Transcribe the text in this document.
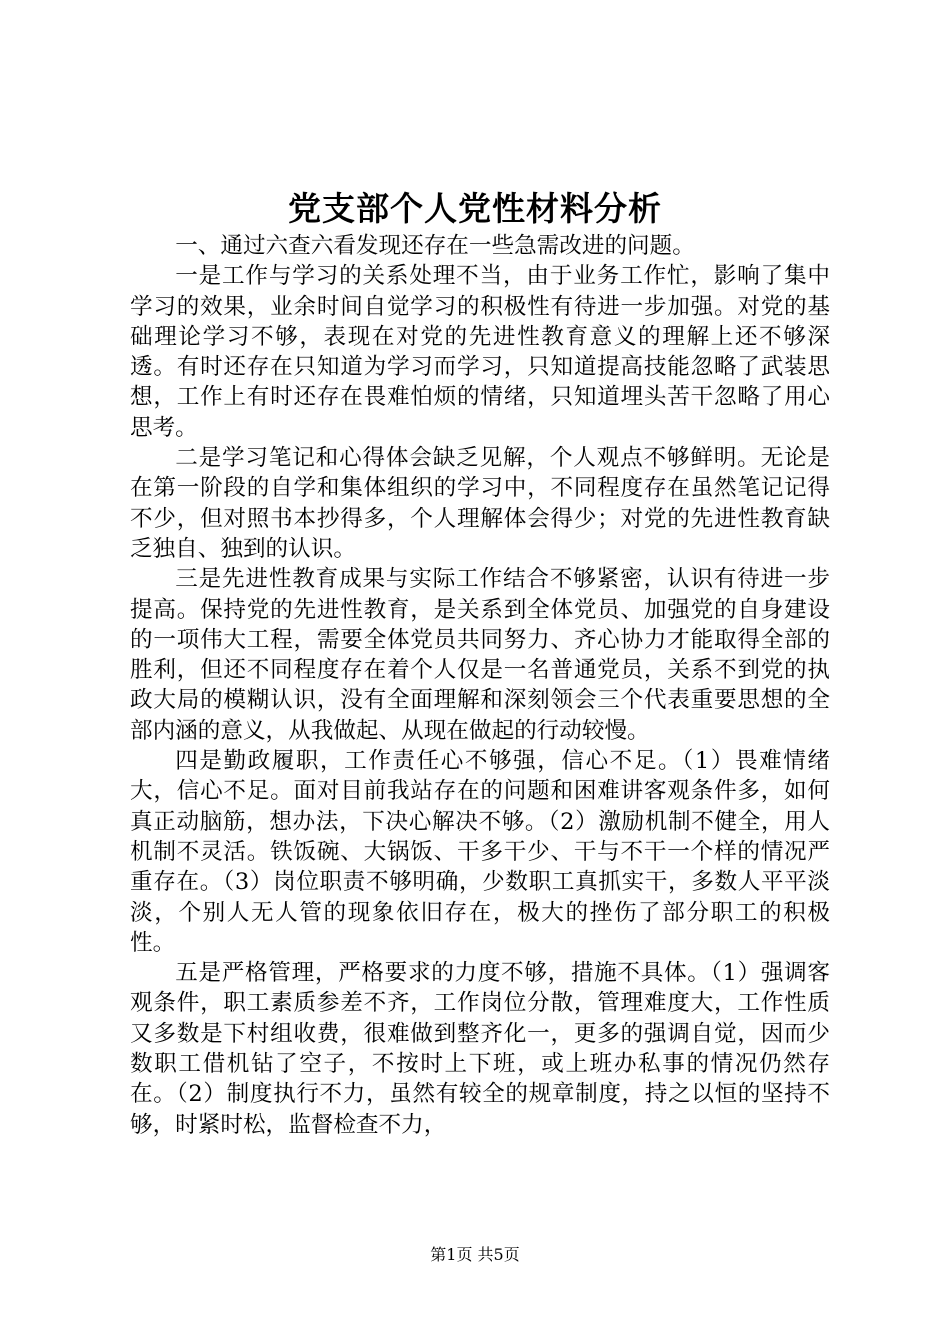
党支部个人党性材料分析

一、通过六查六看发现还存在一些急需改进的问题。

一是工作与学习的关系处理不当，由于业务工作忙，影响了集中学习的效果，业余时间自觉学习的积极性有待进一步加强。对党的基础理论学习不够，表现在对党的先进性教育意义的理解上还不够深透。有时还存在只知道为学习而学习，只知道提高技能忽略了武装思想，工作上有时还存在畏难怕烦的情绪，只知道埋头苦干忽略了用心思考。

二是学习笔记和心得体会缺乏见解，个人观点不够鲜明。无论是在第一阶段的自学和集体组织的学习中，不同程度存在虽然笔记记得不少，但对照书本抄得多，个人理解体会得少；对党的先进性教育缺乏独自、独到的认识。

三是先进性教育成果与实际工作结合不够紧密，认识有待进一步提高。保持党的先进性教育，是关系到全体党员、加强党的自身建设的一项伟大工程，需要全体党员共同努力、齐心协力才能取得全部的胜利，但还不同程度存在着个人仅是一名普通党员，关系不到党的执政大局的模糊认识，没有全面理解和深刻领会三个代表重要思想的全部内涵的意义，从我做起、从现在做起的行动较慢。

四是勤政履职，工作责任心不够强，信心不足。（1）畏难情绪大，信心不足。面对目前我站存在的问题和困难讲客观条件多，如何真正动脑筋，想办法，下决心解决不够。（2）激励机制不健全，用人机制不灵活。铁饭碗、大锅饭、干多干少、干与不干一个样的情况严重存在。（3）岗位职责不够明确，少数职工真抓实干，多数人平平淡淡，个别人无人管的现象依旧存在，极大的挫伤了部分职工的积极性。

五是严格管理，严格要求的力度不够，措施不具体。（1）强调客观条件，职工素质参差不齐，工作岗位分散，管理难度大，工作性质又多数是下村组收费，很难做到整齐化一，更多的强调自觉，因而少数职工借机钻了空子，不按时上下班，或上班办私事的情况仍然存在。（2）制度执行不力，虽然有较全的规章制度，持之以恒的坚持不够，时紧时松，监督检查不力，

第1页 共5页
